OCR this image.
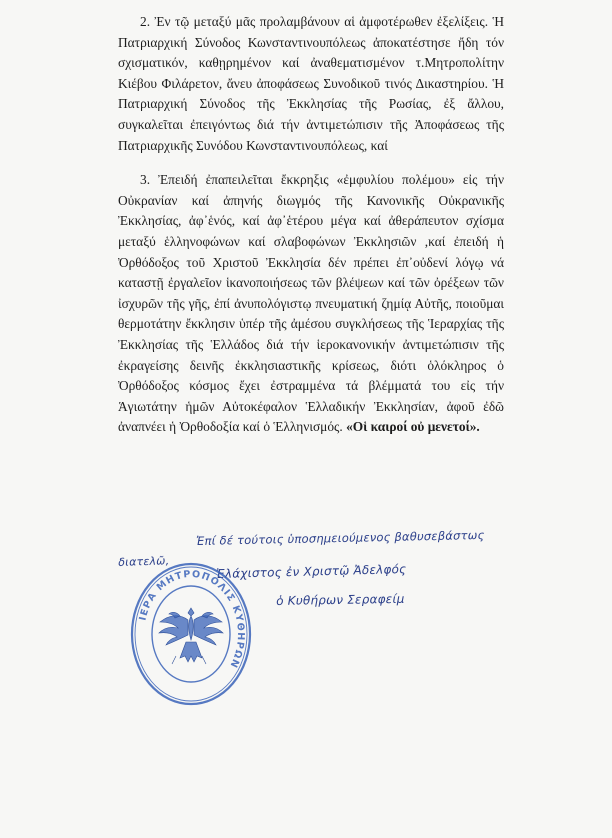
2. Ἐν τῷ μεταξύ μᾶς προλαμβάνουν αἱ ἀμφοτέρωθεν ἐξελίξεις. Ἡ Πατριαρχική Σύνοδος Κωνσταντινουπόλεως ἀποκατέστησε ἤδη τόν σχισματικόν, καθῃρημένον καί ἀναθεματισμένον τ.Μητροπολίτην Κιέβου Φιλάρετον, ἄνευ ἀποφάσεως Συνοδικοῦ τινός Δικαστηρίου. Ἡ Πατριαρχική Σύνοδος τῆς Ἐκκλησίας τῆς Ρωσίας, ἐξ ἄλλου, συγκαλεῖται ἐπειγόντως διά τήν ἀντιμετώπισιν τῆς Ἀποφάσεως τῆς Πατριαρχικῆς Συνόδου Κωνσταντινουπόλεως, καί

3. Ἐπειδή ἐπαπειλεῖται ἔκκρηξις «ἐμφυλίου πολέμου» εἰς τήν Οὐκρανίαν καί ἀπηνής διωγμός τῆς Κανονικῆς Οὐκρανικῆς Ἐκκλησίας, ἀφ᾽ἑνός, καί ἀφ᾽ἑτέρου μέγα καί ἀθεράπευτον σχίσμα μεταξύ ἑλληνοφώνων καί σλαβοφώνων Ἐκκλησιῶν ,καί ἐπειδή ἡ Ὀρθόδοξος τοῦ Χριστοῦ Ἐκκλησία δέν πρέπει ἐπ᾽οὐδενί λόγῳ νά καταστῇ ἐργαλεῖον ἱκανοποιήσεως τῶν βλέψεων καί τῶν ὀρέξεων τῶν ἰσχυρῶν τῆς γῆς, ἐπί ἀνυπολόγιστῳ πνευματική ζημίᾳ Αὐτῆς, ποιοῦμαι θερμοτάτην ἔκκλησιν ὑπέρ τῆς ἀμέσου συγκλήσεως τῆς Ἱεραρχίας τῆς Ἐκκλησίας τῆς Ἑλλάδος διά τήν ἱεροκανονικήν ἀντιμετώπισιν τῆς ἐκραγείσης δεινῆς ἐκκλησιαστικῆς κρίσεως, διότι ὁλόκληρος ὁ Ὀρθόδοξος κόσμος ἔχει ἐστραμμένα τά βλέμματά του εἰς τήν Ἁγιωτάτην ἡμῶν Αὐτοκέφαλον Ἑλλαδικήν Ἐκκλησίαν, ἀφοῦ ἐδῶ ἀναπνέει ἡ Ὀρθοδοξία καί ὁ Ἑλληνισμός. «Οἱ καιροί οὐ μενετοί».

Ἐπί δέ τούτοις ὑποσημειούμενος βαθυσεβάστως
διατελῶ,
Ἐλάχιστος ἐν Χριστῷ Ἀδελφός
ὁ Κυθήρων Σεραφείμ
ΙΕΡΑ ΜΗΤΡΟΠΟΛΙΣ ΚΥΘΗΡΩΝ
